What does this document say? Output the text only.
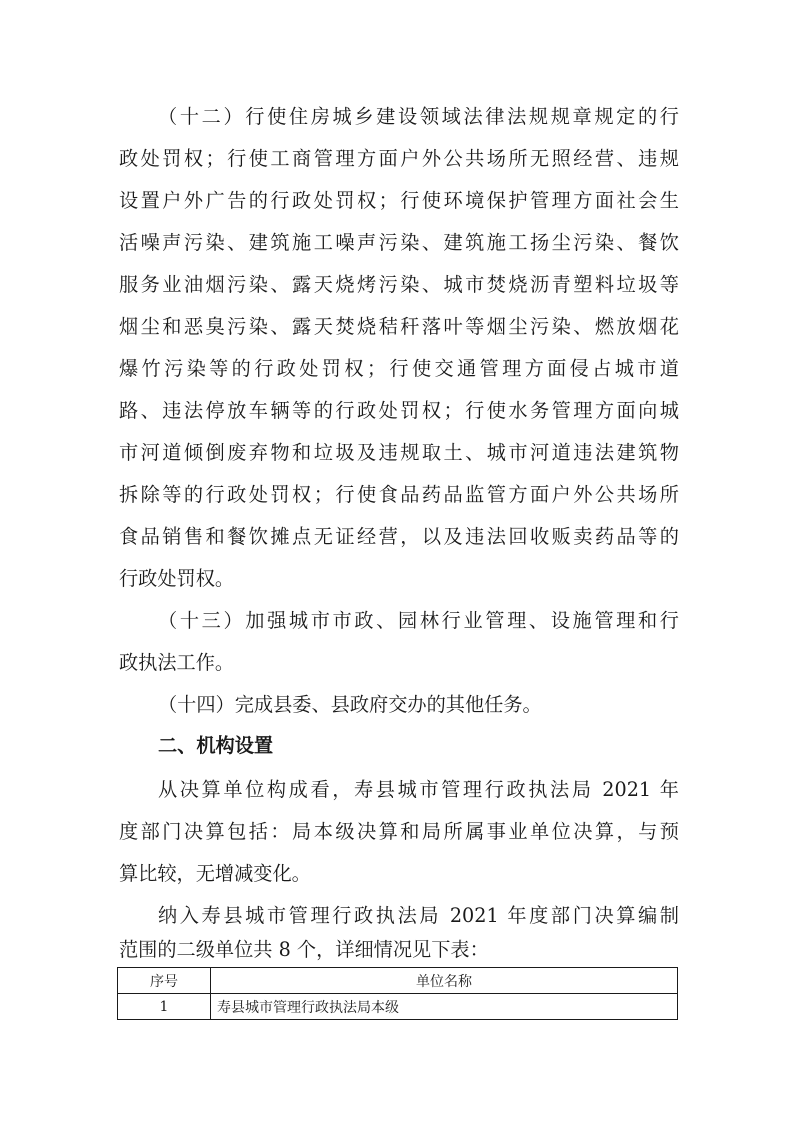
（十二）行使住房城乡建设领域法律法规规章规定的行
政处罚权；行使工商管理方面户外公共场所无照经营、违规
设置户外广告的行政处罚权；行使环境保护管理方面社会生
活噪声污染、建筑施工噪声污染、建筑施工扬尘污染、餐饮
服务业油烟污染、露天烧烤污染、城市焚烧沥青塑料垃圾等
烟尘和恶臭污染、露天焚烧秸秆落叶等烟尘污染、燃放烟花
爆竹污染等的行政处罚权；行使交通管理方面侵占城市道
路、违法停放车辆等的行政处罚权；行使水务管理方面向城
市河道倾倒废弃物和垃圾及违规取土、城市河道违法建筑物
拆除等的行政处罚权；行使食品药品监管方面户外公共场所
食品销售和餐饮摊点无证经营，以及违法回收贩卖药品等的
行政处罚权。
（十三）加强城市市政、园林行业管理、设施管理和行
政执法工作。
（十四）完成县委、县政府交办的其他任务。
二、机构设置
从决算单位构成看，寿县城市管理行政执法局 2021 年
度部门决算包括：局本级决算和局所属事业单位决算，与预
算比较，无增减变化。
纳入寿县城市管理行政执法局 2021 年度部门决算编制
范围的二级单位共 8 个，详细情况见下表：
序号	单位名称
1	寿县城市管理行政执法局本级
